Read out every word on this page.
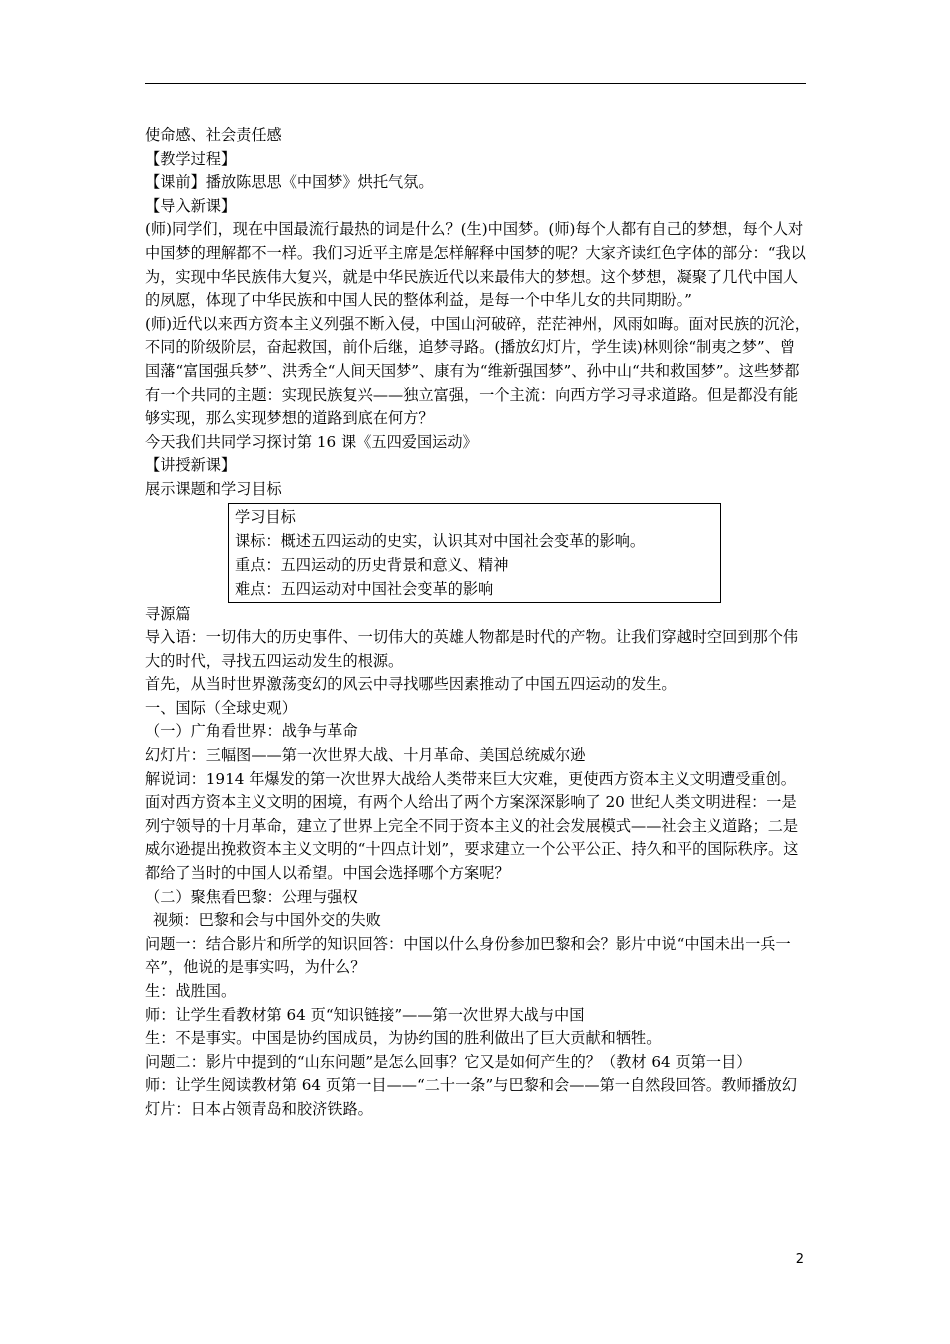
使命感、社会责任感

【教学过程】

【课前】播放陈思思《中国梦》烘托气氛。

【导入新课】

(师)同学们，现在中国最流行最热的词是什么？(生)中国梦。(师)每个人都有自己的梦想，每个人对中国梦的理解都不一样。我们习近平主席是怎样解释中国梦的呢？大家齐读红色字体的部分：“我以为，实现中华民族伟大复兴，就是中华民族近代以来最伟大的梦想。这个梦想，凝聚了几代中国人的夙愿，体现了中华民族和中国人民的整体利益，是每一个中华儿女的共同期盼。”

(师)近代以来西方资本主义列强不断入侵，中国山河破碎，茫茫神州，风雨如晦。面对民族的沉沦，不同的阶级阶层，奋起救国，前仆后继，追梦寻路。(播放幻灯片，学生读)林则徐“制夷之梦”、曾国藩“富国强兵梦”、洪秀全“人间天国梦”、康有为“维新强国梦”、孙中山“共和救国梦”。这些梦都有一个共同的主题：实现民族复兴——独立富强，一个主流：向西方学习寻求道路。但是都没有能够实现，那么实现梦想的道路到底在何方？

今天我们共同学习探讨第 16 课《五四爱国运动》

【讲授新课】

展示课题和学习目标

学习目标
课标：概述五四运动的史实，认识其对中国社会变革的影响。
重点：五四运动的历史背景和意义、精神
难点：五四运动对中国社会变革的影响

寻源篇

导入语：一切伟大的历史事件、一切伟大的英雄人物都是时代的产物。让我们穿越时空回到那个伟大的时代，寻找五四运动发生的根源。

首先，从当时世界激荡变幻的风云中寻找哪些因素推动了中国五四运动的发生。

一、国际（全球史观）

（一）广角看世界：战争与革命

幻灯片：三幅图——第一次世界大战、十月革命、美国总统威尔逊

解说词：1914 年爆发的第一次世界大战给人类带来巨大灾难，更使西方资本主义文明遭受重创。面对西方资本主义文明的困境，有两个人给出了两个方案深深影响了 20 世纪人类文明进程：一是列宁领导的十月革命，建立了世界上完全不同于资本主义的社会发展模式——社会主义道路；二是威尔逊提出挽救资本主义文明的“十四点计划”，要求建立一个公平公正、持久和平的国际秩序。这都给了当时的中国人以希望。中国会选择哪个方案呢？

（二）聚焦看巴黎：公理与强权

视频：巴黎和会与中国外交的失败

问题一：结合影片和所学的知识回答：中国以什么身份参加巴黎和会？影片中说“中国未出一兵一卒”，他说的是事实吗，为什么？

生：战胜国。

师：让学生看教材第 64 页“知识链接”——第一次世界大战与中国

生：不是事实。中国是协约国成员，为协约国的胜利做出了巨大贡献和牺牲。

问题二：影片中提到的“山东问题”是怎么回事？它又是如何产生的？（教材 64 页第一目）

师：让学生阅读教材第 64 页第一目——“二十一条”与巴黎和会——第一自然段回答。教师播放幻灯片：日本占领青岛和胶济铁路。

2
